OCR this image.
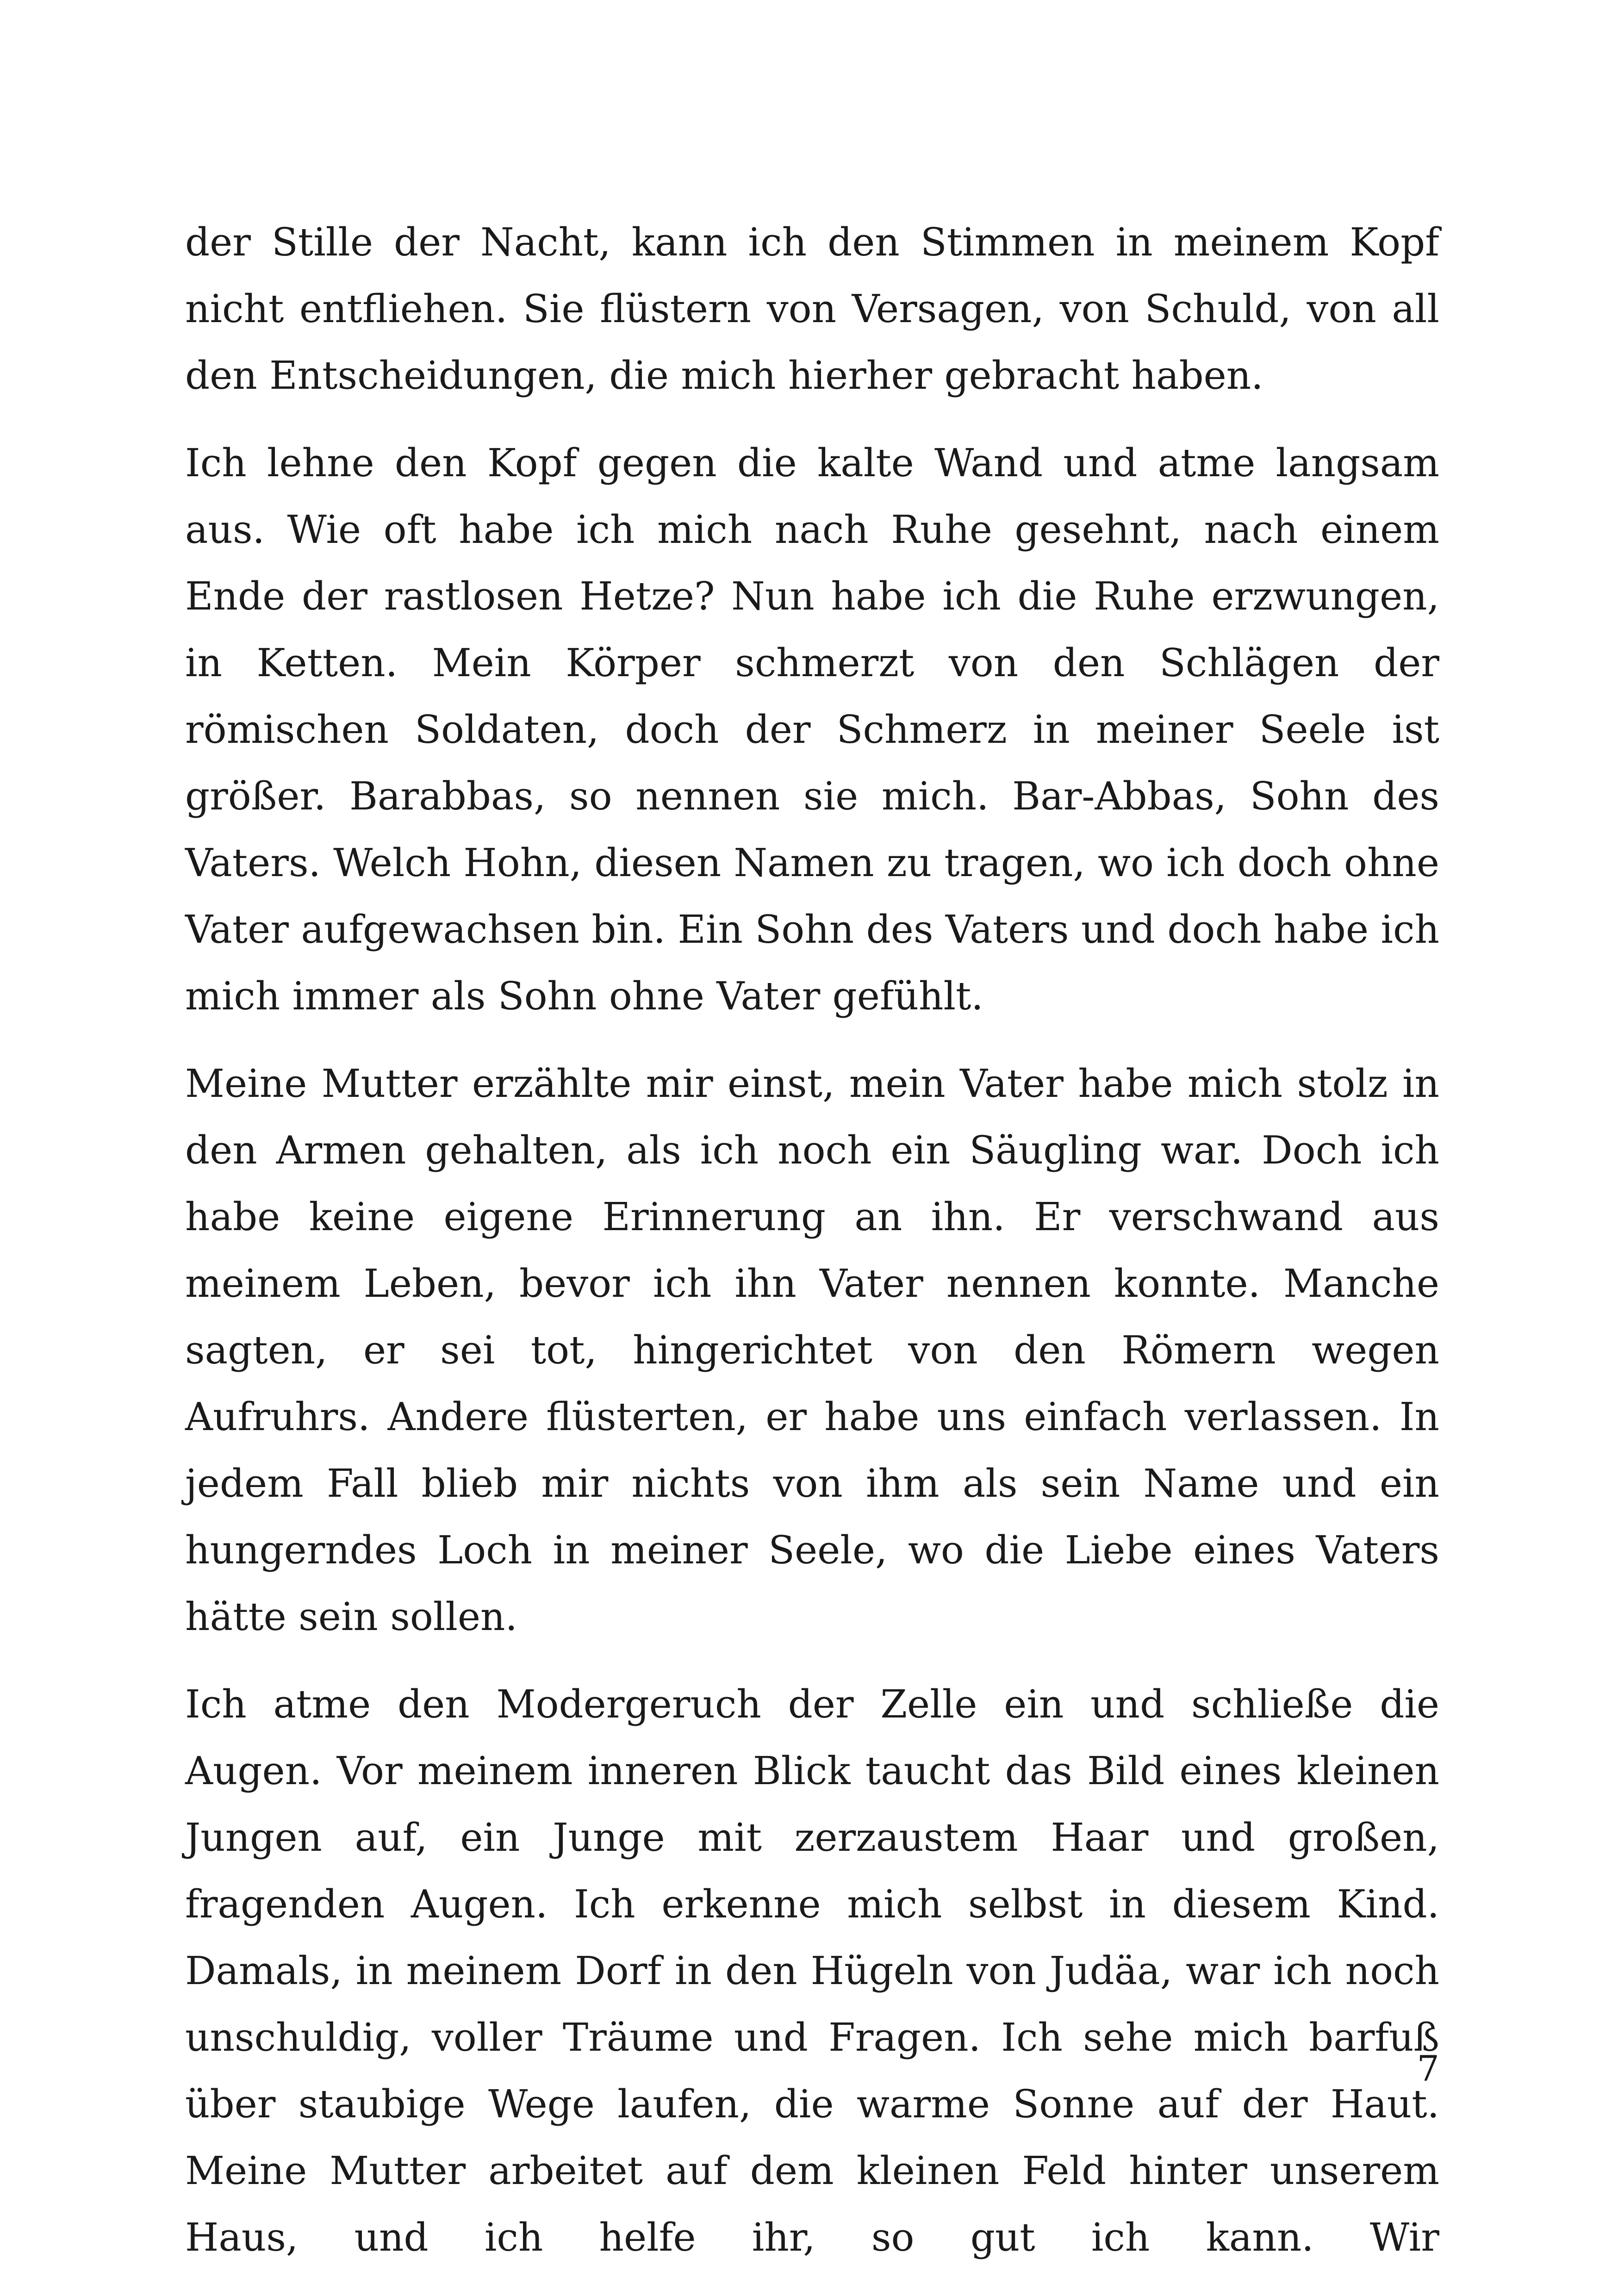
der Stille der Nacht, kann ich den Stimmen in meinem Kopf nicht entfliehen. Sie flüstern von Versagen, von Schuld, von all den Entscheidungen, die mich hierher gebracht haben.

Ich lehne den Kopf gegen die kalte Wand und atme langsam aus. Wie oft habe ich mich nach Ruhe gesehnt, nach einem Ende der rastlosen Hetze? Nun habe ich die Ruhe erzwungen, in Ketten. Mein Körper schmerzt von den Schlägen der römischen Soldaten, doch der Schmerz in meiner Seele ist größer. Barabbas, so nennen sie mich. Bar-Abbas, Sohn des Vaters. Welch Hohn, diesen Namen zu tragen, wo ich doch ohne Vater aufgewachsen bin. Ein Sohn des Vaters und doch habe ich mich immer als Sohn ohne Vater gefühlt.

Meine Mutter erzählte mir einst, mein Vater habe mich stolz in den Armen gehalten, als ich noch ein Säugling war. Doch ich habe keine eigene Erinnerung an ihn. Er verschwand aus meinem Leben, bevor ich ihn Vater nennen konnte. Manche sagten, er sei tot, hingerichtet von den Römern wegen Aufruhrs. Andere flüsterten, er habe uns einfach verlassen. In jedem Fall blieb mir nichts von ihm als sein Name und ein hungerndes Loch in meiner Seele, wo die Liebe eines Vaters hätte sein sollen.

Ich atme den Modergeruch der Zelle ein und schließe die Augen. Vor meinem inneren Blick taucht das Bild eines kleinen Jungen auf, ein Junge mit zerzaustem Haar und großen, fragenden Augen. Ich erkenne mich selbst in diesem Kind. Damals, in meinem Dorf in den Hügeln von Judäa, war ich noch unschuldig, voller Träume und Fragen. Ich sehe mich barfuß über staubige Wege laufen, die warme Sonne auf der Haut. Meine Mutter arbeitet auf dem kleinen Feld hinter unserem Haus, und ich helfe ihr, so gut ich kann. Wir

7
